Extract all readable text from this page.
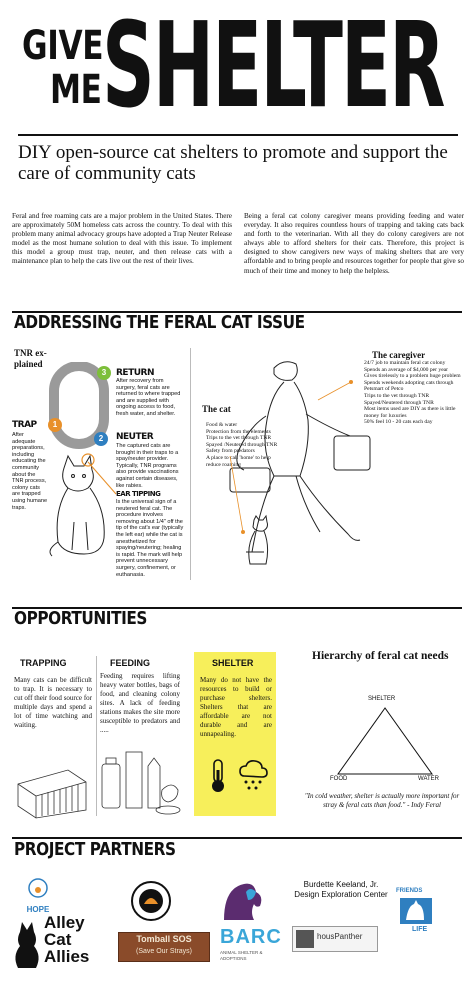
GIVE
ME SHELTER
DIY open-source cat shelters to promote and support the care of community cats
Feral and free roaming cats are a major problem in the United States. There are approximately 50M homeless cats across the country. To deal with this problem many animal advocacy groups have adopted a Trap Neuter Release model as the most humane solution to deal with this issue. To implement this model a group must trap, neuter, and then release cats with a maintenance plan to help the cats live out the rest of their lives.
Being a feral cat colony caregiver means providing feeding and water everyday. It also requires countless hours of trapping and taking cats back and forth to the veterinarian. With all they do colony caregivers are not always able to afford shelters for their cats. Therefore, this project is designed to show caregivers new ways of making shelters that are very affordable and to bring people and resources together for people that give so much of their time and money to help the helpless.
ADDRESSING THE FERAL CAT ISSUE
TNR ex-plained
3
1
2
RETURN
After recovery from surgery, feral cats are returned to where trapped and are supplied with ongoing access to food, fresh water, and shelter.
TRAP
After adequate preparations, including educating the community about the TNR process, colony cats are trapped using humane traps.
NEUTER
The captured cats are brought in their traps to a spay/neuter provider. Typically, TNR programs also provide vaccinations against certain diseases, like rabies.
EAR TIPPING
Is the universal sign of a neutered feral cat. The procedure involves removing about 1/4" off the tip of the cat's ear (typically the left ear) while the cat is anesthetized for spaying/neutering; healing is rapid. The mark will help prevent unnecessary surgery, confinement, or euthanasia.
The caregiver
24/7 job to maintain feral cat colony
Spends an average of $4,000 per year
Gives tirelessly to a problem huge problem
Spends weekends adopting cats through Petsmart of Petco
Trips to the vet through TNR
Spayed/Neutered through TNR
Most items used are DIY as there is little money for luxuries
50% feel 10 - 20 cats each day
The cat
Food & water
Protection from the elements
Trips to the vet through TNR
Spayed /Neutered through TNR
Safety from predators
A place to call 'home' to help reduce roaming
OPPORTUNITIES
TRAPPING
Many cats can be difficult to trap. It is necessary to cut off their food source for multiple days and spend a lot of time watching and waiting.
FEEDING
Feeding requires lifting heavy water bottles, bags of food, and cleaning colony sites. A lack of feeding stations makes the site more susceptible to predators and .....
SHELTER
Many do not have the resources to build or purchase shelters. Shelters that are affordable are not durable and are unnapealing.
Hierarchy of feral cat needs
SHELTER
FOOD	WATER
"In cold weather, shelter is actually more important for stray & feral cats than food." - Indy Feral
PROJECT PARTNERS
HOPE
Alley
Cat
Allies
Tomball SOS
(Save Our Strays)
BARC
ANIMAL SHELTER & ADOPTIONS
Burdette Keeland, Jr.
Design Exploration Center
housPanther
FRIENDS
LIFE
